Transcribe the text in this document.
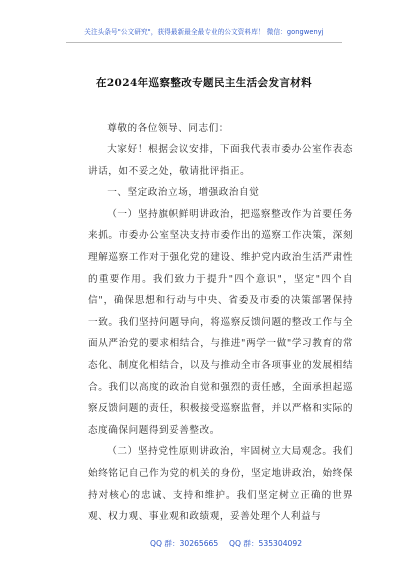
关注头条号"公文研究"，获得最新最全最专业的公文资料库！ 微信：gongwenyj
在2024年巡察整改专题民主生活会发言材料

尊敬的各位领导、同志们：

大家好！根据会议安排，下面我代表市委办公室作表态讲话，如不妥之处，敬请批评指正。

一、坚定政治立场，增强政治自觉

（一）坚持旗帜鲜明讲政治，把巡察整改作为首要任务来抓。市委办公室坚决支持市委作出的巡察工作决策，深刻理解巡察工作对于强化党的建设、维护党内政治生活严肃性的重要作用。我们致力于提升"四个意识"，坚定"四个自信"，确保思想和行动与中央、省委及市委的决策部署保持一致。我们坚持问题导向，将巡察反馈问题的整改工作与全面从严治党的要求相结合，与推进"两学一做"学习教育的常态化、制度化相结合，以及与推动全市各项事业的发展相结合。我们以高度的政治自觉和强烈的责任感，全面承担起巡察反馈问题的责任，积极接受巡察监督，并以严格和实际的态度确保问题得到妥善整改。

（二）坚持党性原则讲政治，牢固树立大局观念。我们始终铭记自己作为党的机关的身份，坚定地讲政治，始终保持对核心的忠诚、支持和维护。我们坚定树立正确的世界观、权力观、事业观和政绩观，妥善处理个人利益与

QQ 群：30265665 QQ 群：535304092
